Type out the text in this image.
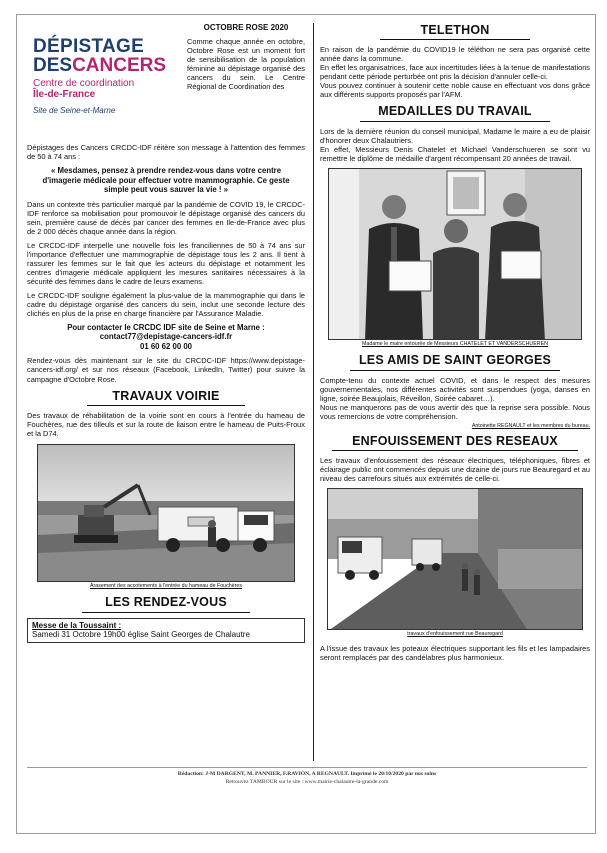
DÉPISTAGE
DESCANCERS
Centre de coordination
Île-de-France
Site de Seine-et-Marne
OCTOBRE ROSE 2020

Comme chaque année en octobre, Octobre Rose est un moment fort de sensibilisation de la population féminine au dépistage organisé des cancers du sein. Le Centre Régional de Coordination des

Dépistages des Cancers CRCDC-IDF réitère son message à l'attention des femmes de 50 à 74 ans :

« Mesdames, pensez à prendre rendez-vous dans votre centre d'imagerie médicale pour effectuer votre mammographie. Ce geste simple peut vous sauver la vie ! »

Dans un contexte très particulier marqué par la pandémie de COVID 19, le CRCDC-IDF renforce sa mobilisation pour promouvoir le dépistage organisé des cancers du sein, première cause de décès par cancer des femmes en Ile-de-France avec plus de 2 000 décès chaque année dans la région.

Le CRCDC-IDF interpelle une nouvelle fois les franciliennes de 50 à 74 ans sur l'importance d'effectuer une mammographie de dépistage tous les 2 ans. Il tient à rassurer les femmes sur le fait que les acteurs du dépistage et notamment les centres d'imagerie médicale appliquent les mesures sanitaires nécessaires à la sécurité des femmes dans le cadre de leurs examens.

Le CRCDC-IDF souligne également la plus-value de la mammographie qui dans le cadre du dépistage organisé des cancers du sein, inclut une seconde lecture des clichés en plus de la prise en charge financière par l'Assurance Maladie.

Pour contacter le CRCDC IDF site de Seine et Marne :
contact77@depistage-cancers-idf.fr
01 60 62 00 00

Rendez-vous dès maintenant sur le site du CRCDC-IDF https://www.depistage-cancers-idf.org/ et sur nos réseaux (Facebook, LinkedIn, Twitter) pour suivre la campagne d'Octobre Rose.

TRAVAUX VOIRIE

Des travaux de réhabilitation de la voirie sont en cours à l'entrée du hameau de Fouchères, rue des tilleuls et sur la route de liaison entre le hameau de Puits-Froux et la D74.

Arasement des accotements à l'entrée du hameau de Fouchères
LES RENDEZ-VOUS
Messe de la Toussaint :
Samedi 31 Octobre 19h00 église Saint Georges de Chalautre
TELETHON

En raison de la pandémie du COVID19 le téléthon ne sera pas organisé cette année dans la commune.

En effet les organisatrices, face aux incertitudes liées à la tenue de manifestations pendant cette période perturbée ont pris la décision d'annuler celle-ci.

Vous pouvez continuer à soutenir cette noble cause en effectuant vos dons grâce aux différents supports proposés par l'AFM.

MEDAILLES DU TRAVAIL

Lors de la dernière réunion du conseil municipal, Madame le maire a eu de plaisir d'honorer deux Chalautriers.

En effet, Messieurs Denis Chatelet et Michael Vanderschueren se sont vu remettre le diplôme de médaille d'argent récompensant 20 années de travail.

Madame le maire entourée de Messieurs CHATELET ET VANDERSCHUEREN
LES AMIS DE SAINT GEORGES

Compte-tenu du contexte actuel COVID, et dans le respect des mesures gouvernementales, nos différentes activités sont suspendues (yoga, danses en ligne, soirée Beaujolais, Réveillon, Soirée cabaret…).

Nous ne manquerons pas de vous avertir dès que la reprise sera possible. Nous vous remercions de votre compréhension.

Antoinette REGNAULT et les membres du bureau.
ENFOUISSEMENT DES RESEAUX

Les travaux d'enfouissement des réseaux électriques, téléphoniques, fibres et éclairage public ont commencés depuis une dizaine de jours rue Beauregard et au niveau des carrefours situés aux extrémités de celle-ci.

travaux d'enfouissement rue Beauregard

A l'issue des travaux les poteaux électriques supportant les fils et les lampadaires seront remplacés par des candélabres plus harmonieux.

Rédaction: J-M DARGENT, M. PANNIER, F.RAVION, A REGNAULT. Imprimé le 20/10/2020 par nos soins
Retrouvez TAMBOUR sur le site : www.mairie-chalautre-la-grande.com
